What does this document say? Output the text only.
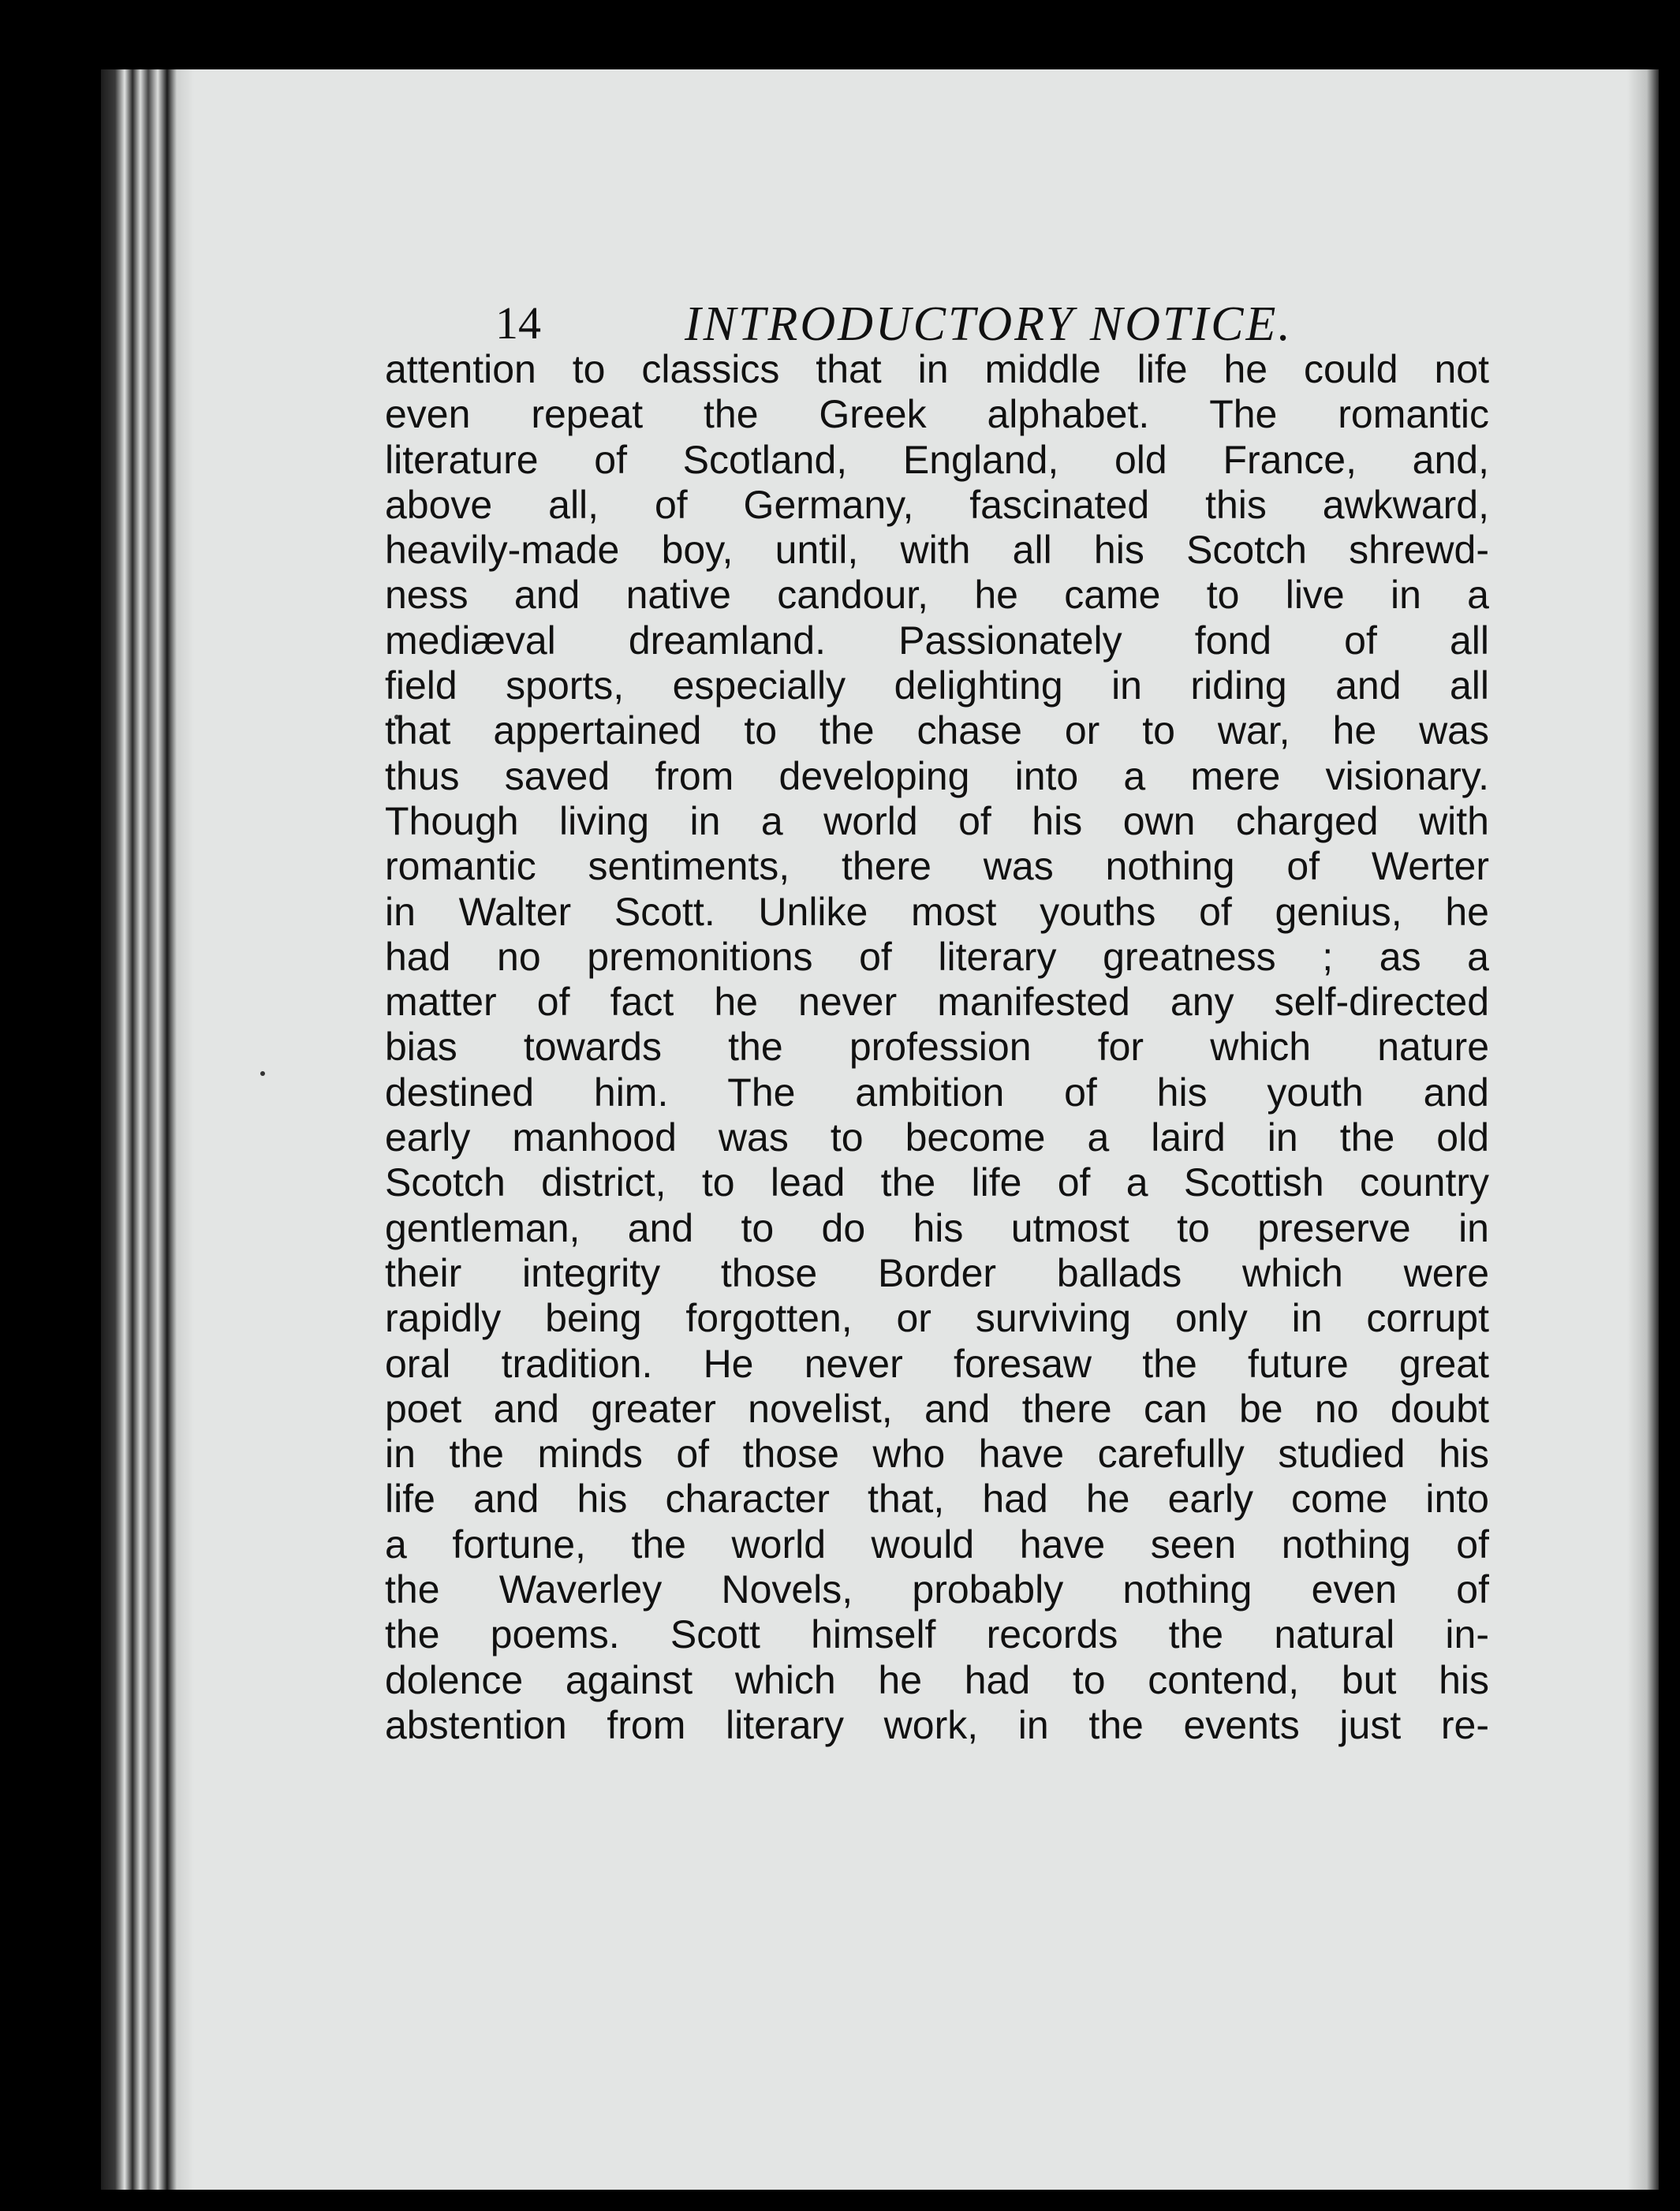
14	INTRODUCTORY NOTICE.
attention to classics that in middle life he could not
even repeat the Greek alphabet. The romantic
literature of Scotland, England, old France, and,
above all, of Germany, fascinated this awkward,
heavily-made boy, until, with all his Scotch shrewd-
ness and native candour, he came to live in a
mediæval dreamland. Passionately fond of all
field sports, especially delighting in riding and all
that appertained to the chase or to war, he was
thus saved from developing into a mere visionary.
Though living in a world of his own charged with
romantic sentiments, there was nothing of Werter
in Walter Scott. Unlike most youths of genius, he
had no premonitions of literary greatness ; as a
matter of fact he never manifested any self-directed
bias towards the profession for which nature
destined him. The ambition of his youth and
early manhood was to become a laird in the old
Scotch district, to lead the life of a Scottish country
gentleman, and to do his utmost to preserve in
their integrity those Border ballads which were
rapidly being forgotten, or surviving only in corrupt
oral tradition. He never foresaw the future great
poet and greater novelist, and there can be no doubt
in the minds of those who have carefully studied his
life and his character that, had he early come into
a fortune, the world would have seen nothing of
the Waverley Novels, probably nothing even of
the poems. Scott himself records the natural in-
dolence against which he had to contend, but his
abstention from literary work, in the events just re-
